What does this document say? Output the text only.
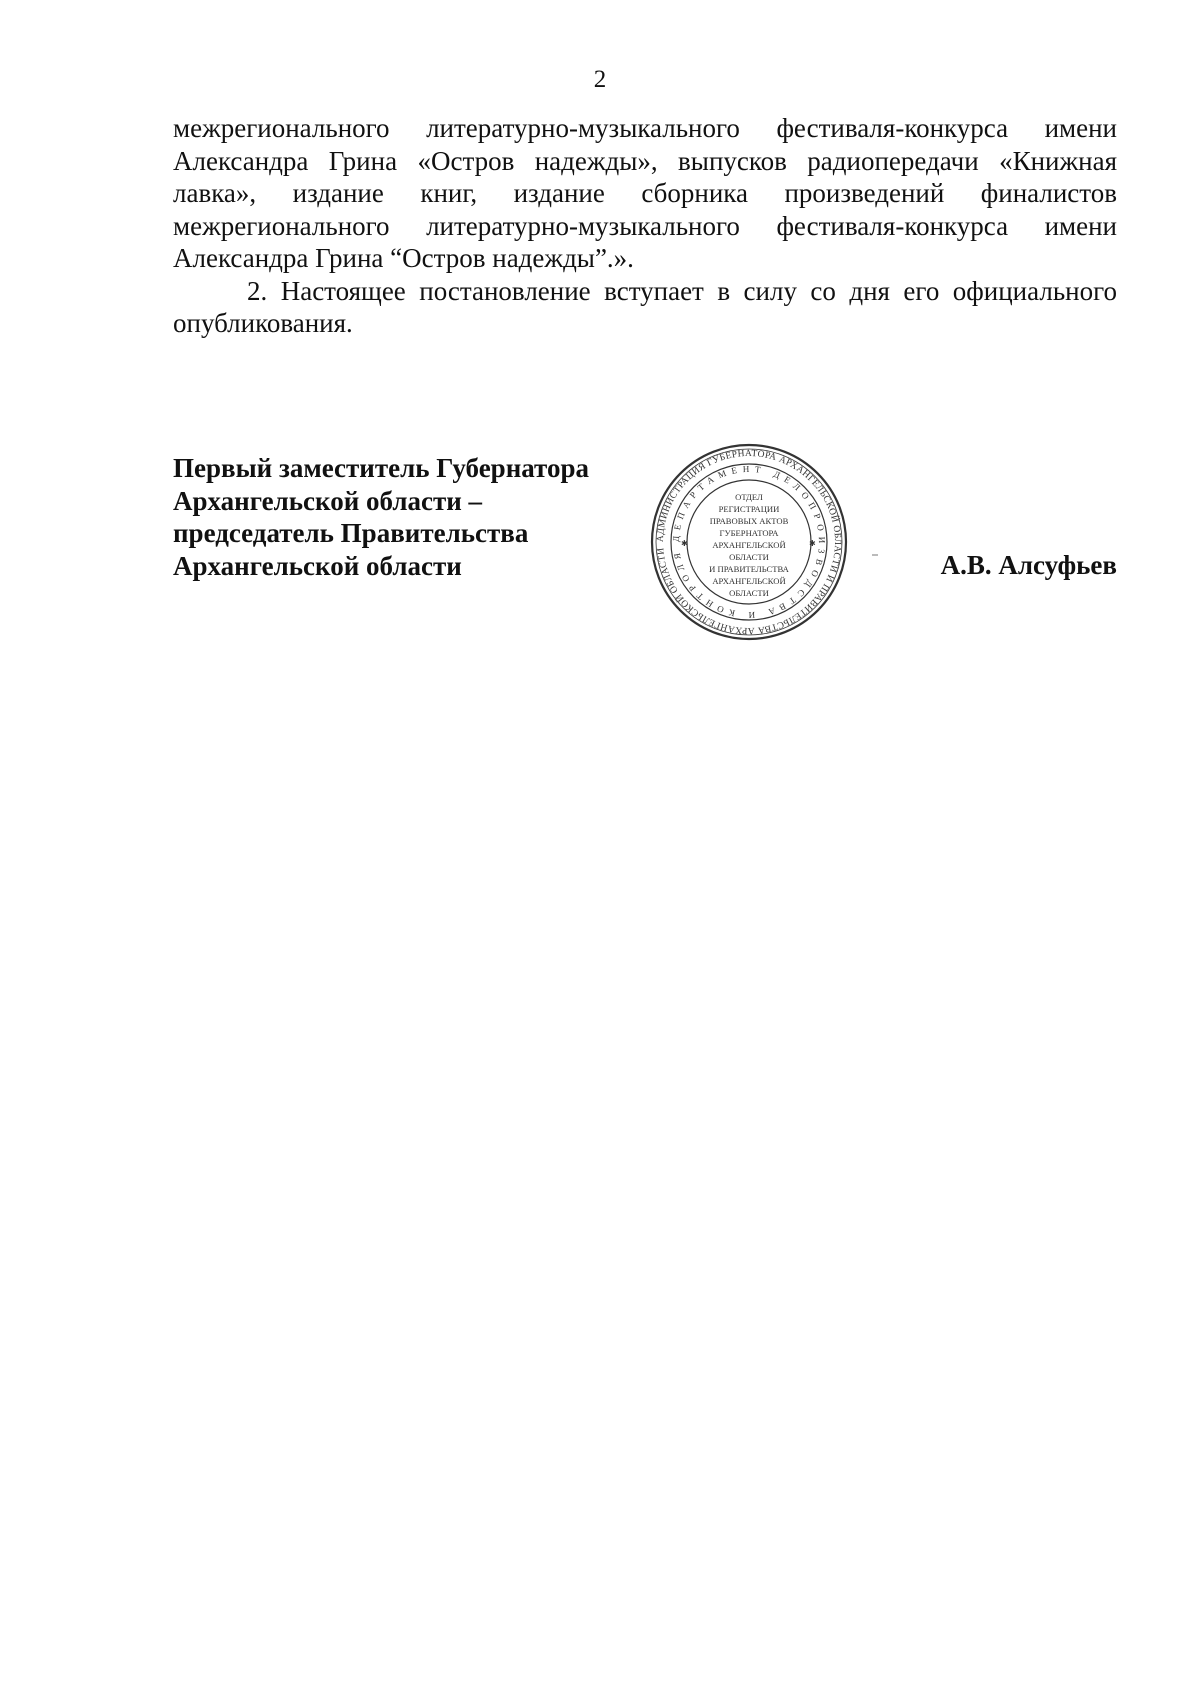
2

межрегионального литературно-музыкального фестиваля-конкурса имени Александра Грина «Остров надежды», выпусков радиопередачи «Книжная лавка», издание книг, издание сборника произведений финалистов межрегионального литературно-музыкального фестиваля-конкурса имени Александра Грина “Остров надежды”.».

2. Настоящее постановление вступает в силу со дня его официального опубликования.

Первый заместитель Губернатора
Архангельской области –
председатель Правительства
Архангельской области
АДМИНИСТРАЦИЯ ГУБЕРНАТОРА АРХАНГЕЛЬСКОЙ ОБЛАСТИ И ПРАВИТЕЛЬСТВА АРХАНГЕЛЬСКОЙ ОБЛАСТИ
ДЕПАРТАМЕНТ ДЕЛОПРОИЗВОДСТВА И КОНТРОЛЯ
✱	✱
ОТДЕЛ
РЕГИСТРАЦИИ
ПРАВОВЫХ АКТОВ
ГУБЕРНАТОРА
АРХАНГЕЛЬСКОЙ
ОБЛАСТИ
И ПРАВИТЕЛЬСТВА
АРХАНГЕЛЬСКОЙ
ОБЛАСТИ
А.В. Алсуфьев
